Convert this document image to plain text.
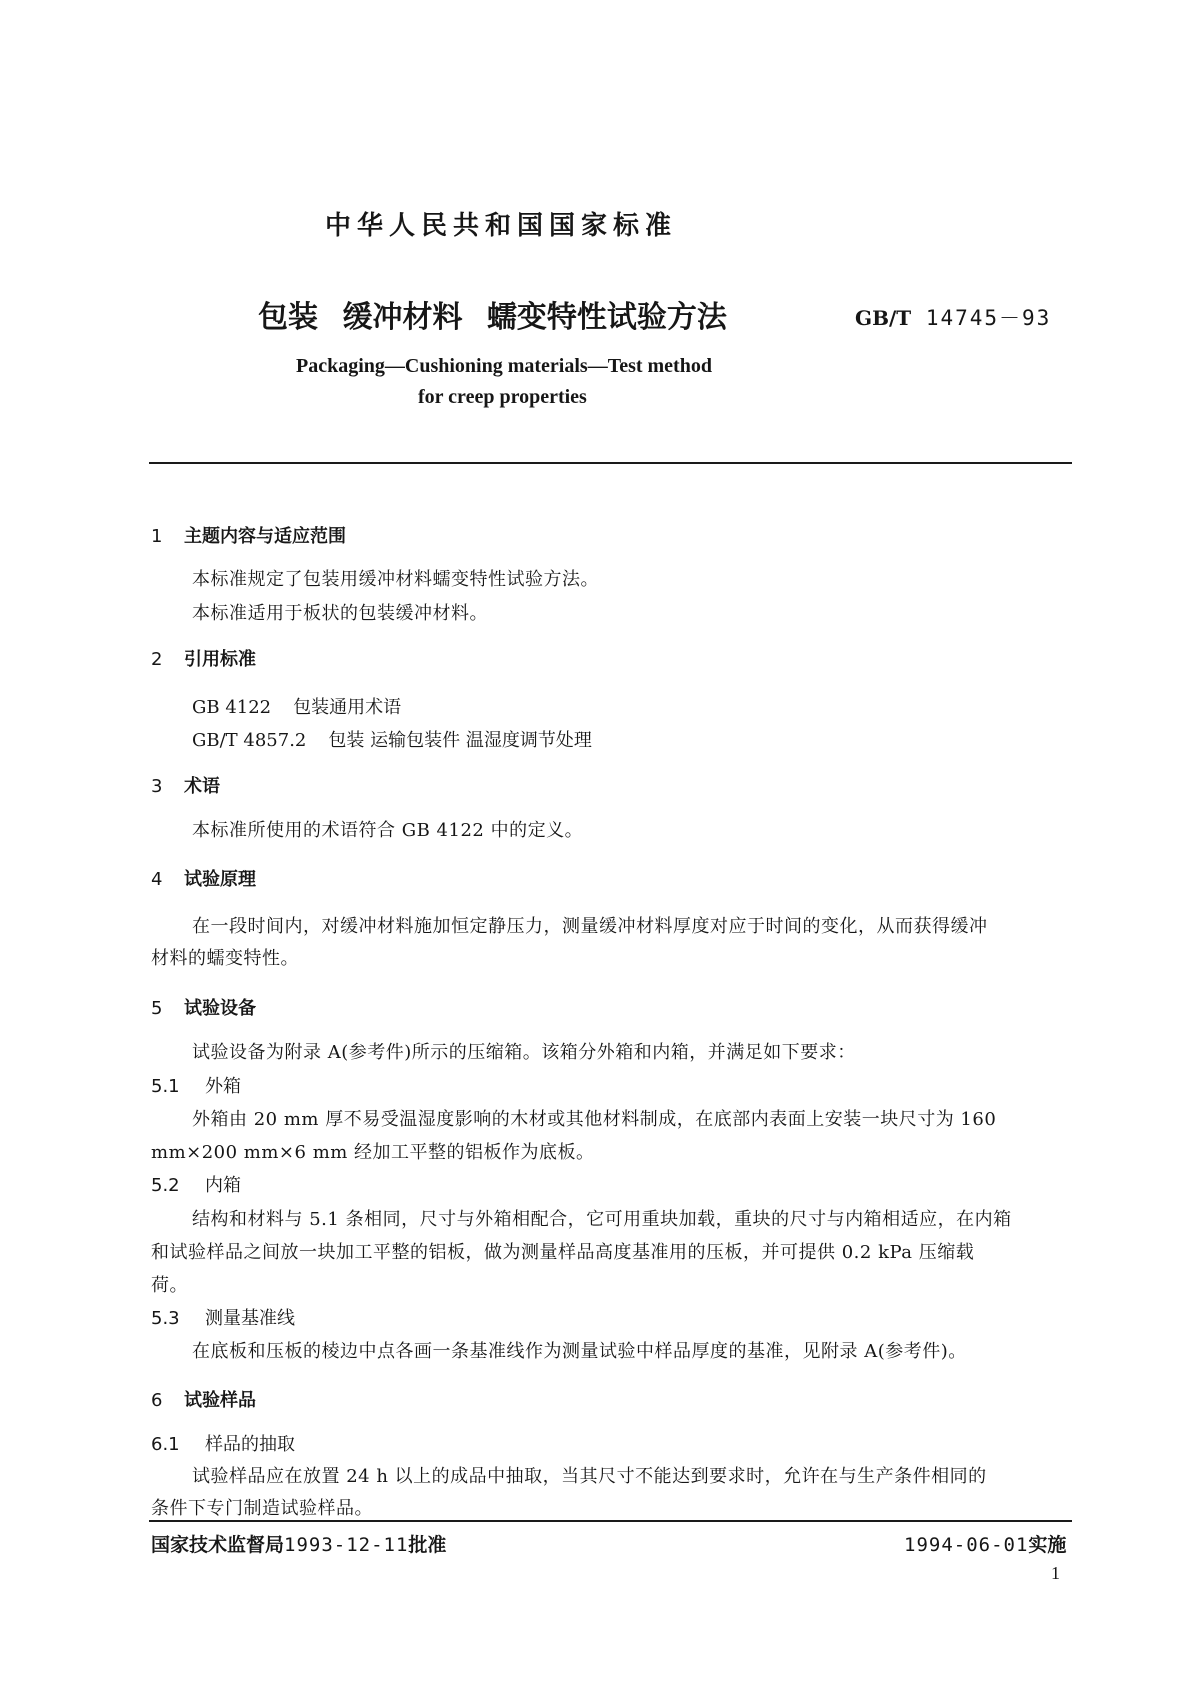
中华人民共和国国家标准
包装 缓冲材料 蠕变特性试验方法	GB/T 14745－93
Packaging—Cushioning materials—Test method
for creep properties
1 主题内容与适应范围
本标准规定了包装用缓冲材料蠕变特性试验方法。
本标准适用于板状的包装缓冲材料。
2 引用标准
GB 4122 包装通用术语
GB/T 4857.2 包装 运输包装件 温湿度调节处理
3 术语
本标准所使用的术语符合 GB 4122 中的定义。
4 试验原理
在一段时间内，对缓冲材料施加恒定静压力，测量缓冲材料厚度对应于时间的变化，从而获得缓冲
材料的蠕变特性。
5 试验设备
试验设备为附录 A(参考件)所示的压缩箱。该箱分外箱和内箱，并满足如下要求：
5.1 外箱
外箱由 20 mm 厚不易受温湿度影响的木材或其他材料制成，在底部内表面上安装一块尺寸为 160
mm×200 mm×6 mm 经加工平整的铝板作为底板。
5.2 内箱
结构和材料与 5.1 条相同，尺寸与外箱相配合，它可用重块加载，重块的尺寸与内箱相适应，在内箱
和试验样品之间放一块加工平整的铝板，做为测量样品高度基准用的压板，并可提供 0.2 kPa 压缩载
荷。
5.3 测量基准线
在底板和压板的棱边中点各画一条基准线作为测量试验中样品厚度的基准，见附录 A(参考件)。
6 试验样品
6.1 样品的抽取
试验样品应在放置 24 h 以上的成品中抽取，当其尺寸不能达到要求时，允许在与生产条件相同的
条件下专门制造试验样品。
国家技术监督局1993-12-11批准	1994-06-01实施
1
